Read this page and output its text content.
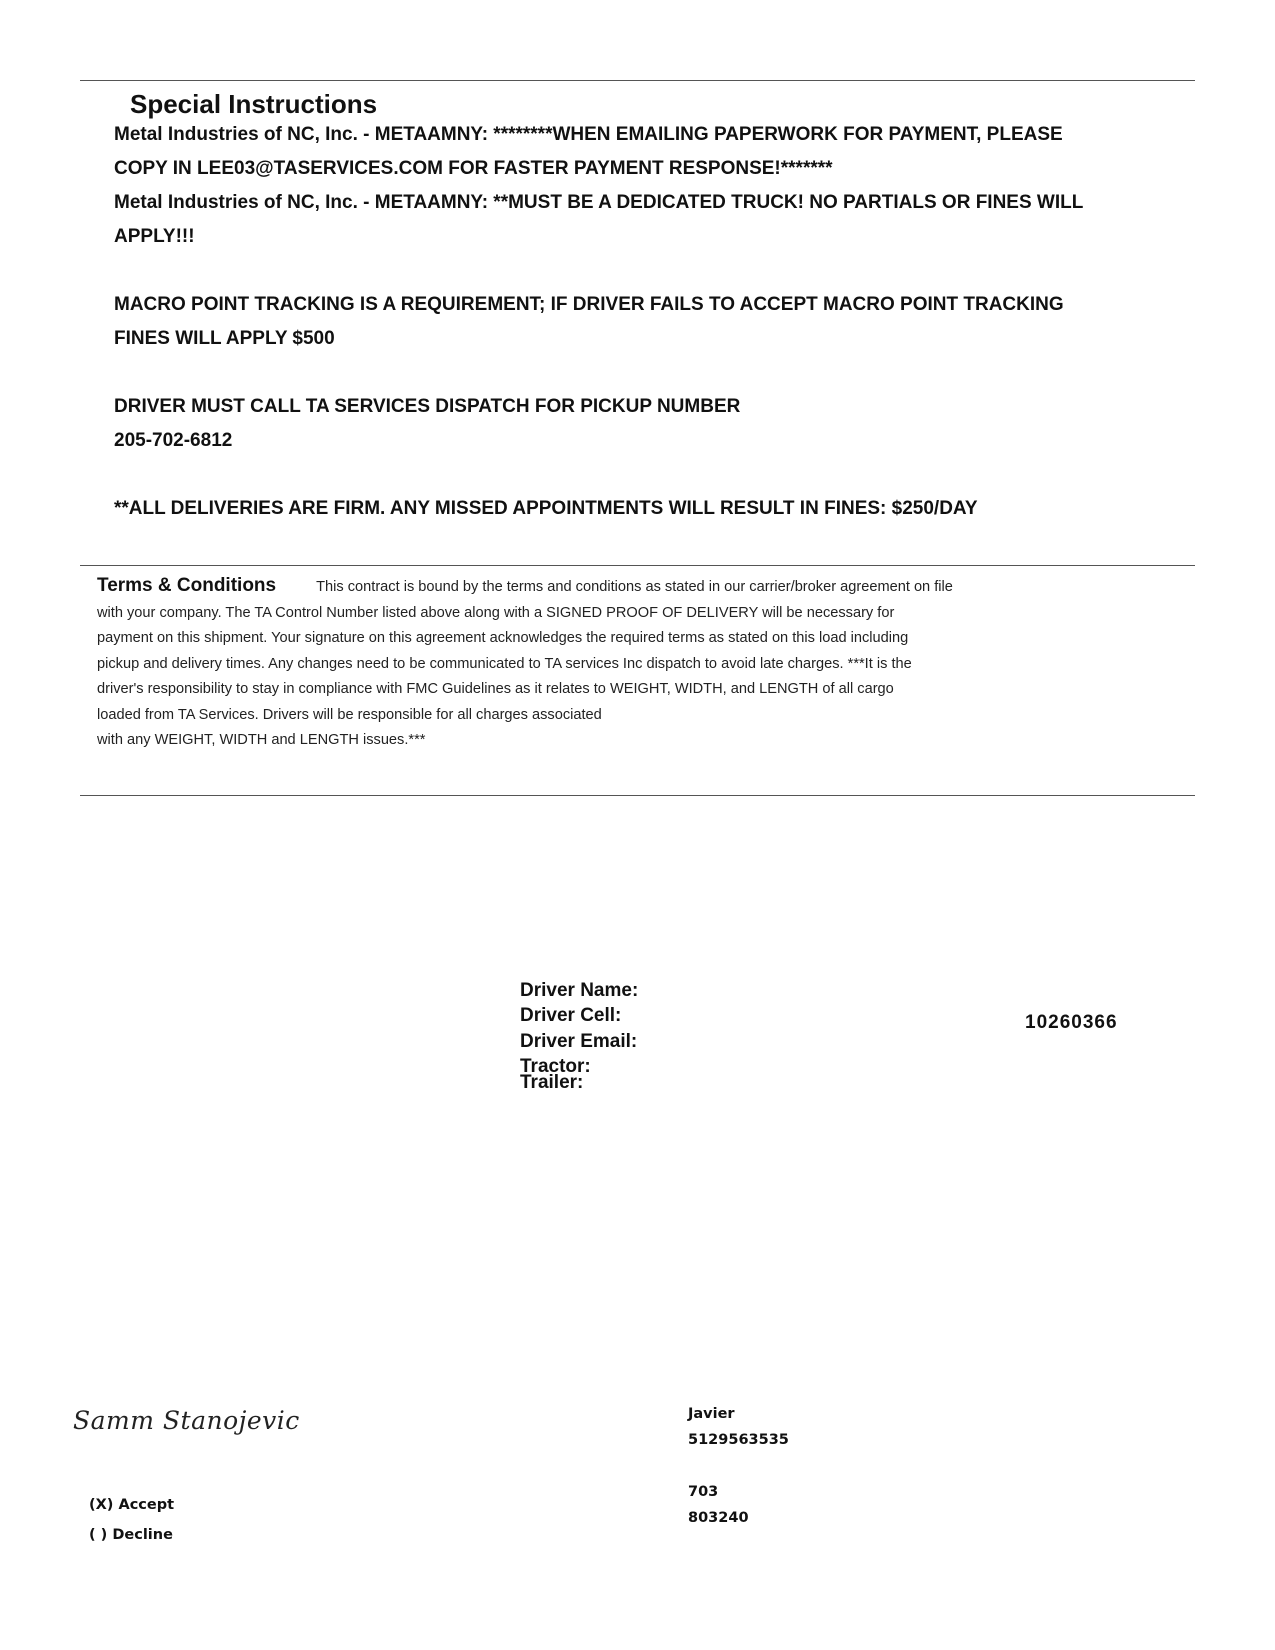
Special Instructions

Metal Industries of NC, Inc. - METAAMNY: ********WHEN EMAILING PAPERWORK FOR PAYMENT, PLEASE

COPY IN LEE03@TASERVICES.COM FOR FASTER PAYMENT RESPONSE!*******

Metal Industries of NC, Inc. - METAAMNY: **MUST BE A DEDICATED TRUCK! NO PARTIALS OR FINES WILL

APPLY!!!

MACRO POINT TRACKING IS A REQUIREMENT; IF DRIVER FAILS TO ACCEPT MACRO POINT TRACKING

FINES WILL APPLY $500

DRIVER MUST CALL TA SERVICES DISPATCH FOR PICKUP NUMBER

205-702-6812

**ALL DELIVERIES ARE FIRM. ANY MISSED APPOINTMENTS WILL RESULT IN FINES: $250/DAY

Terms & Conditions	This contract is bound by the terms and conditions as stated in our carrier/broker agreement on file

with your company. The TA Control Number listed above along with a SIGNED PROOF OF DELIVERY will be necessary for

payment on this shipment. Your signature on this agreement acknowledges the required terms as stated on this load including

pickup and delivery times. Any changes need to be communicated to TA services Inc dispatch to avoid late charges. ***It is the

driver's responsibility to stay in compliance with FMC Guidelines as it relates to WEIGHT, WIDTH, and LENGTH of all cargo

loaded from TA Services. Drivers will be responsible for all charges associated

with any WEIGHT, WIDTH and LENGTH issues.***

Driver Name:
Driver Cell:
Driver Email:
Tractor:
Trailer:
10260366
Samm Stanojevic
(X) Accept
( ) Decline
Javier
5129563535
703
803240
